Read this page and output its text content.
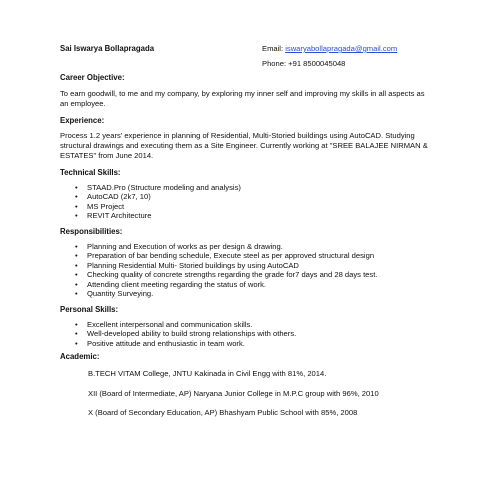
Sai Iswarya Bollapragada	Email: iswaryabollapragada@gmail.com
Phone: +91 8500045048
Career Objective:
To earn goodwill, to me and my company, by exploring my inner self and improving my skills in all aspects as an employee.
Experience:
Process 1.2 years' experience in planning of Residential, Multi-Storied buildings using AutoCAD. Studying structural drawings and executing them as a Site Engineer. Currently working at "SREE BALAJEE NIRMAN & ESTATES" from June 2014.
Technical Skills:
• STAAD.Pro (Structure modeling and analysis)
• AutoCAD (2k7, 10)
• MS Project
• REVIT Architecture
Responsibilities:
• Planning and Execution of works as per design & drawing.
• Preparation of bar bending schedule, Execute steel as per approved structural design
• Planning Residential Multi- Storied buildings by using AutoCAD
• Checking quality of concrete strengths regarding the grade for7 days and 28 days test.
• Attending client meeting regarding the status of work.
• Quantity Surveying.
Personal Skills:
• Excellent interpersonal and communication skills.
• Well-developed ability to build strong relationships with others.
• Positive attitude and enthusiastic in team work.
Academic:
B.TECH VITAM College, JNTU Kakinada in Civil Engg with 81%, 2014.
XII (Board of Intermediate, AP) Naryana Junior College in M.P.C group with 96%, 2010
X (Board of Secondary Education, AP) Bhashyam Public School with 85%, 2008
